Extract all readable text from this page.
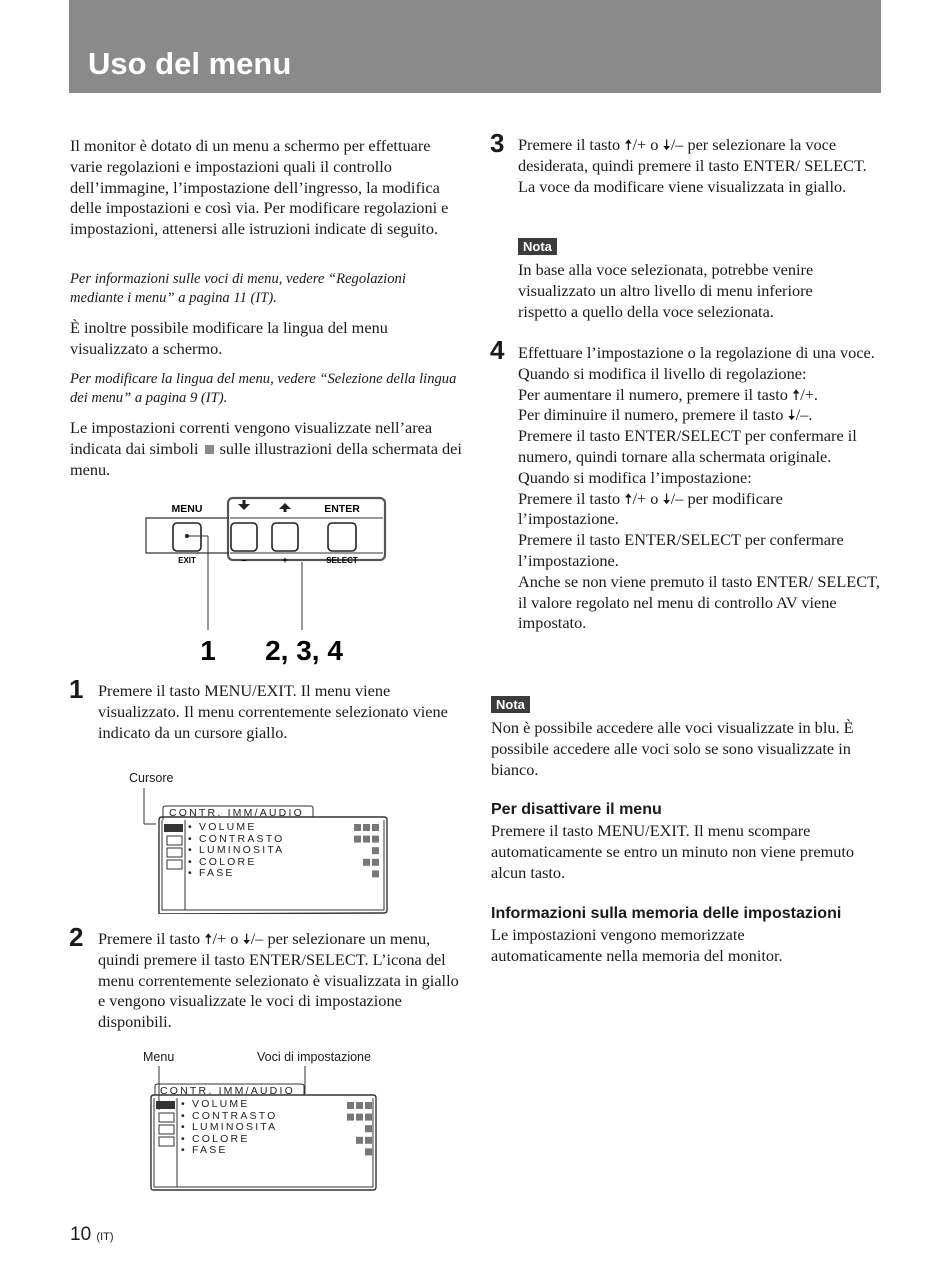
Uso del menu

Il monitor è dotato di un menu a schermo per effettuare varie regolazioni e impostazioni quali il controllo dell’immagine, l’impostazione dell’ingresso, la modifica delle impostazioni e così via. Per modificare regolazioni e impostazioni, attenersi alle istruzioni indicate di seguito.

Per informazioni sulle voci di menu, vedere “Regolazioni mediante i menu” a pagina 11 (IT).

È inoltre possibile modificare la lingua del menu visualizzato a schermo.

Per modificare la lingua del menu, vedere “Selezione della lingua dei menu” a pagina 9 (IT).

Le impostazioni correnti vengono visualizzate nell’area indicata dai simboli sulle illustrazioni della schermata dei menu.

MENU	ENTER
EXIT	–	+	SELECT
1 2, 3, 4
1 Premere il tasto MENU/EXIT. Il menu viene visualizzato. Il menu correntemente selezionato viene indicato da un cursore giallo.

Cursore
CONTR. IMM/AUDIO
• VOLUME
• CONTRASTO
• LUMINOSITA
• COLORE
• FASE
2 Premere il tasto 🠅/+ o 🠇/– per selezionare un menu, quindi premere il tasto ENTER/SELECT. L’icona del menu correntemente selezionato è visualizzata in giallo e vengono visualizzate le voci di impostazione disponibili.

Menu	Voci di impostazione
CONTR. IMM/AUDIO
• VOLUME
• CONTRASTO
• LUMINOSITA
• COLORE
• FASE
3 Premere il tasto 🠅/+ o 🠇/– per selezionare la voce desiderata, quindi premere il tasto ENTER/ SELECT. La voce da modificare viene visualizzata in giallo.

Nota

In base alla voce selezionata, potrebbe venire visualizzato un altro livello di menu inferiore rispetto a quello della voce selezionata.

4 Effettuare l’impostazione o la regolazione di una voce.
Quando si modifica il livello di regolazione:
Per aumentare il numero, premere il tasto 🠅/+.
Per diminuire il numero, premere il tasto 🠇/–.
Premere il tasto ENTER/SELECT per confermare il numero, quindi tornare alla schermata originale.
Quando si modifica l’impostazione:
Premere il tasto 🠅/+ o 🠇/– per modificare l’impostazione.
Premere il tasto ENTER/SELECT per confermare l’impostazione.
Anche se non viene premuto il tasto ENTER/ SELECT, il valore regolato nel menu di controllo AV viene impostato.
Nota

Non è possibile accedere alle voci visualizzate in blu. È possibile accedere alle voci solo se sono visualizzate in bianco.

Per disattivare il menu

Premere il tasto MENU/EXIT. Il menu scompare automaticamente se entro un minuto non viene premuto alcun tasto.

Informazioni sulla memoria delle impostazioni

Le impostazioni vengono memorizzate automaticamente nella memoria del monitor.

10 (IT)
